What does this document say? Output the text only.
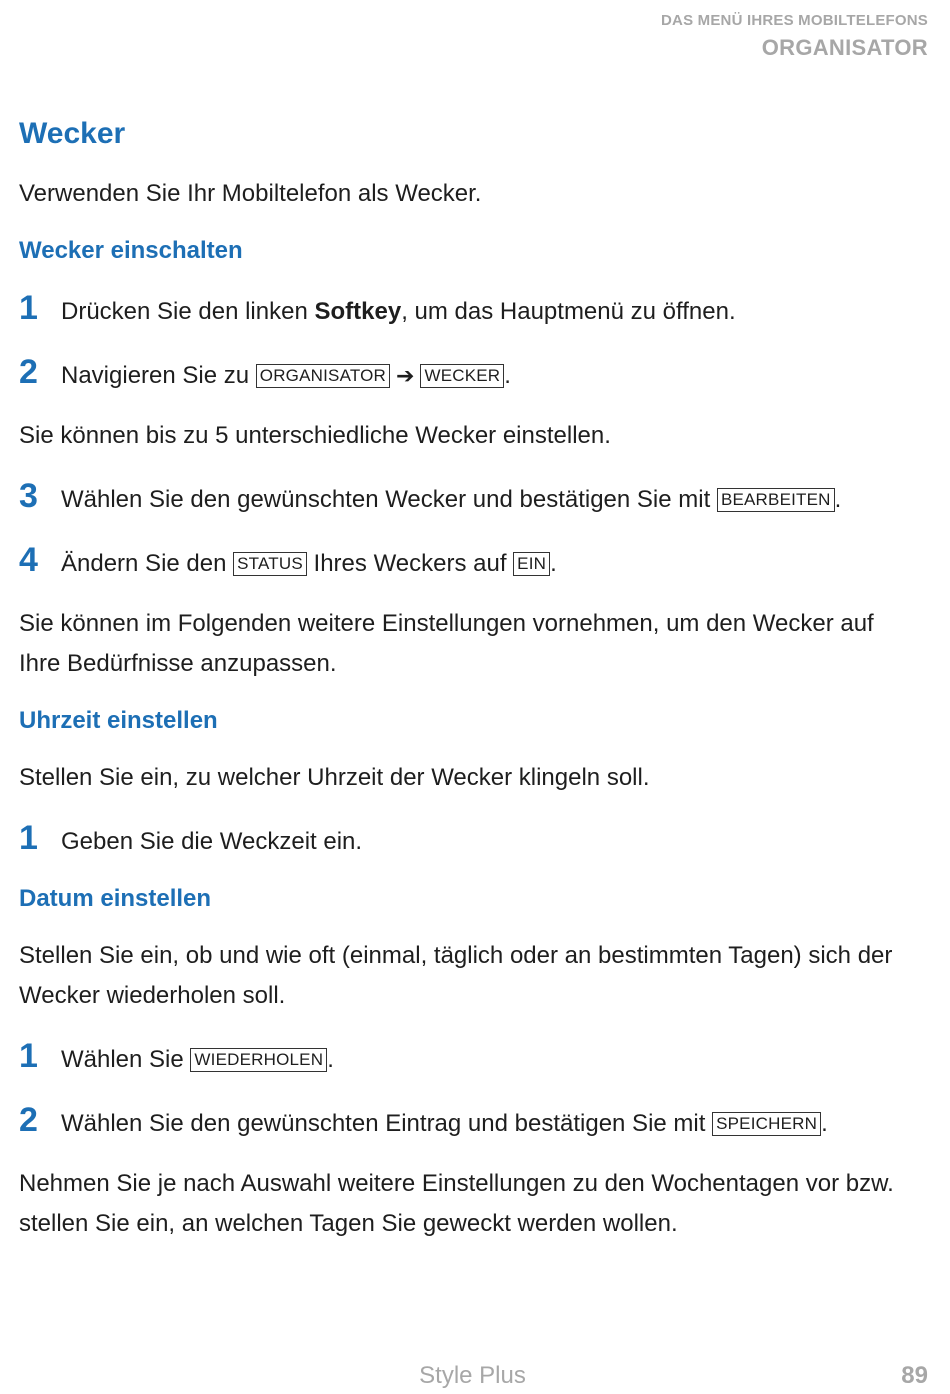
DAS MENÜ IHRES MOBILTELEFONS
ORGANISATOR
Wecker

Verwenden Sie Ihr Mobiltelefon als Wecker.

Wecker einschalten
1 Drücken Sie den linken Softkey, um das Hauptmenü zu öffnen.
2 Navigieren Sie zu ORGANISATOR ➔ WECKER .

Sie können bis zu 5 unterschiedliche Wecker einstellen.

3 Wählen Sie den gewünschten Wecker und bestätigen Sie mit BEARBEITEN .
4 Ändern Sie den STATUS Ihres Weckers auf EIN .

Sie können im Folgenden weitere Einstellungen vornehmen, um den Wecker auf Ihre Bedürfnisse anzupassen.

Uhrzeit einstellen

Stellen Sie ein, zu welcher Uhrzeit der Wecker klingeln soll.

1 Geben Sie die Weckzeit ein.
Datum einstellen

Stellen Sie ein, ob und wie oft (einmal, täglich oder an bestimmten Tagen) sich der Wecker wiederholen soll.

1 Wählen Sie WIEDERHOLEN .
2 Wählen Sie den gewünschten Eintrag und bestätigen Sie mit SPEICHERN .

Nehmen Sie je nach Auswahl weitere Einstellungen zu den Wochentagen vor bzw. stellen Sie ein, an welchen Tagen Sie geweckt werden wollen.

Style Plus	89
